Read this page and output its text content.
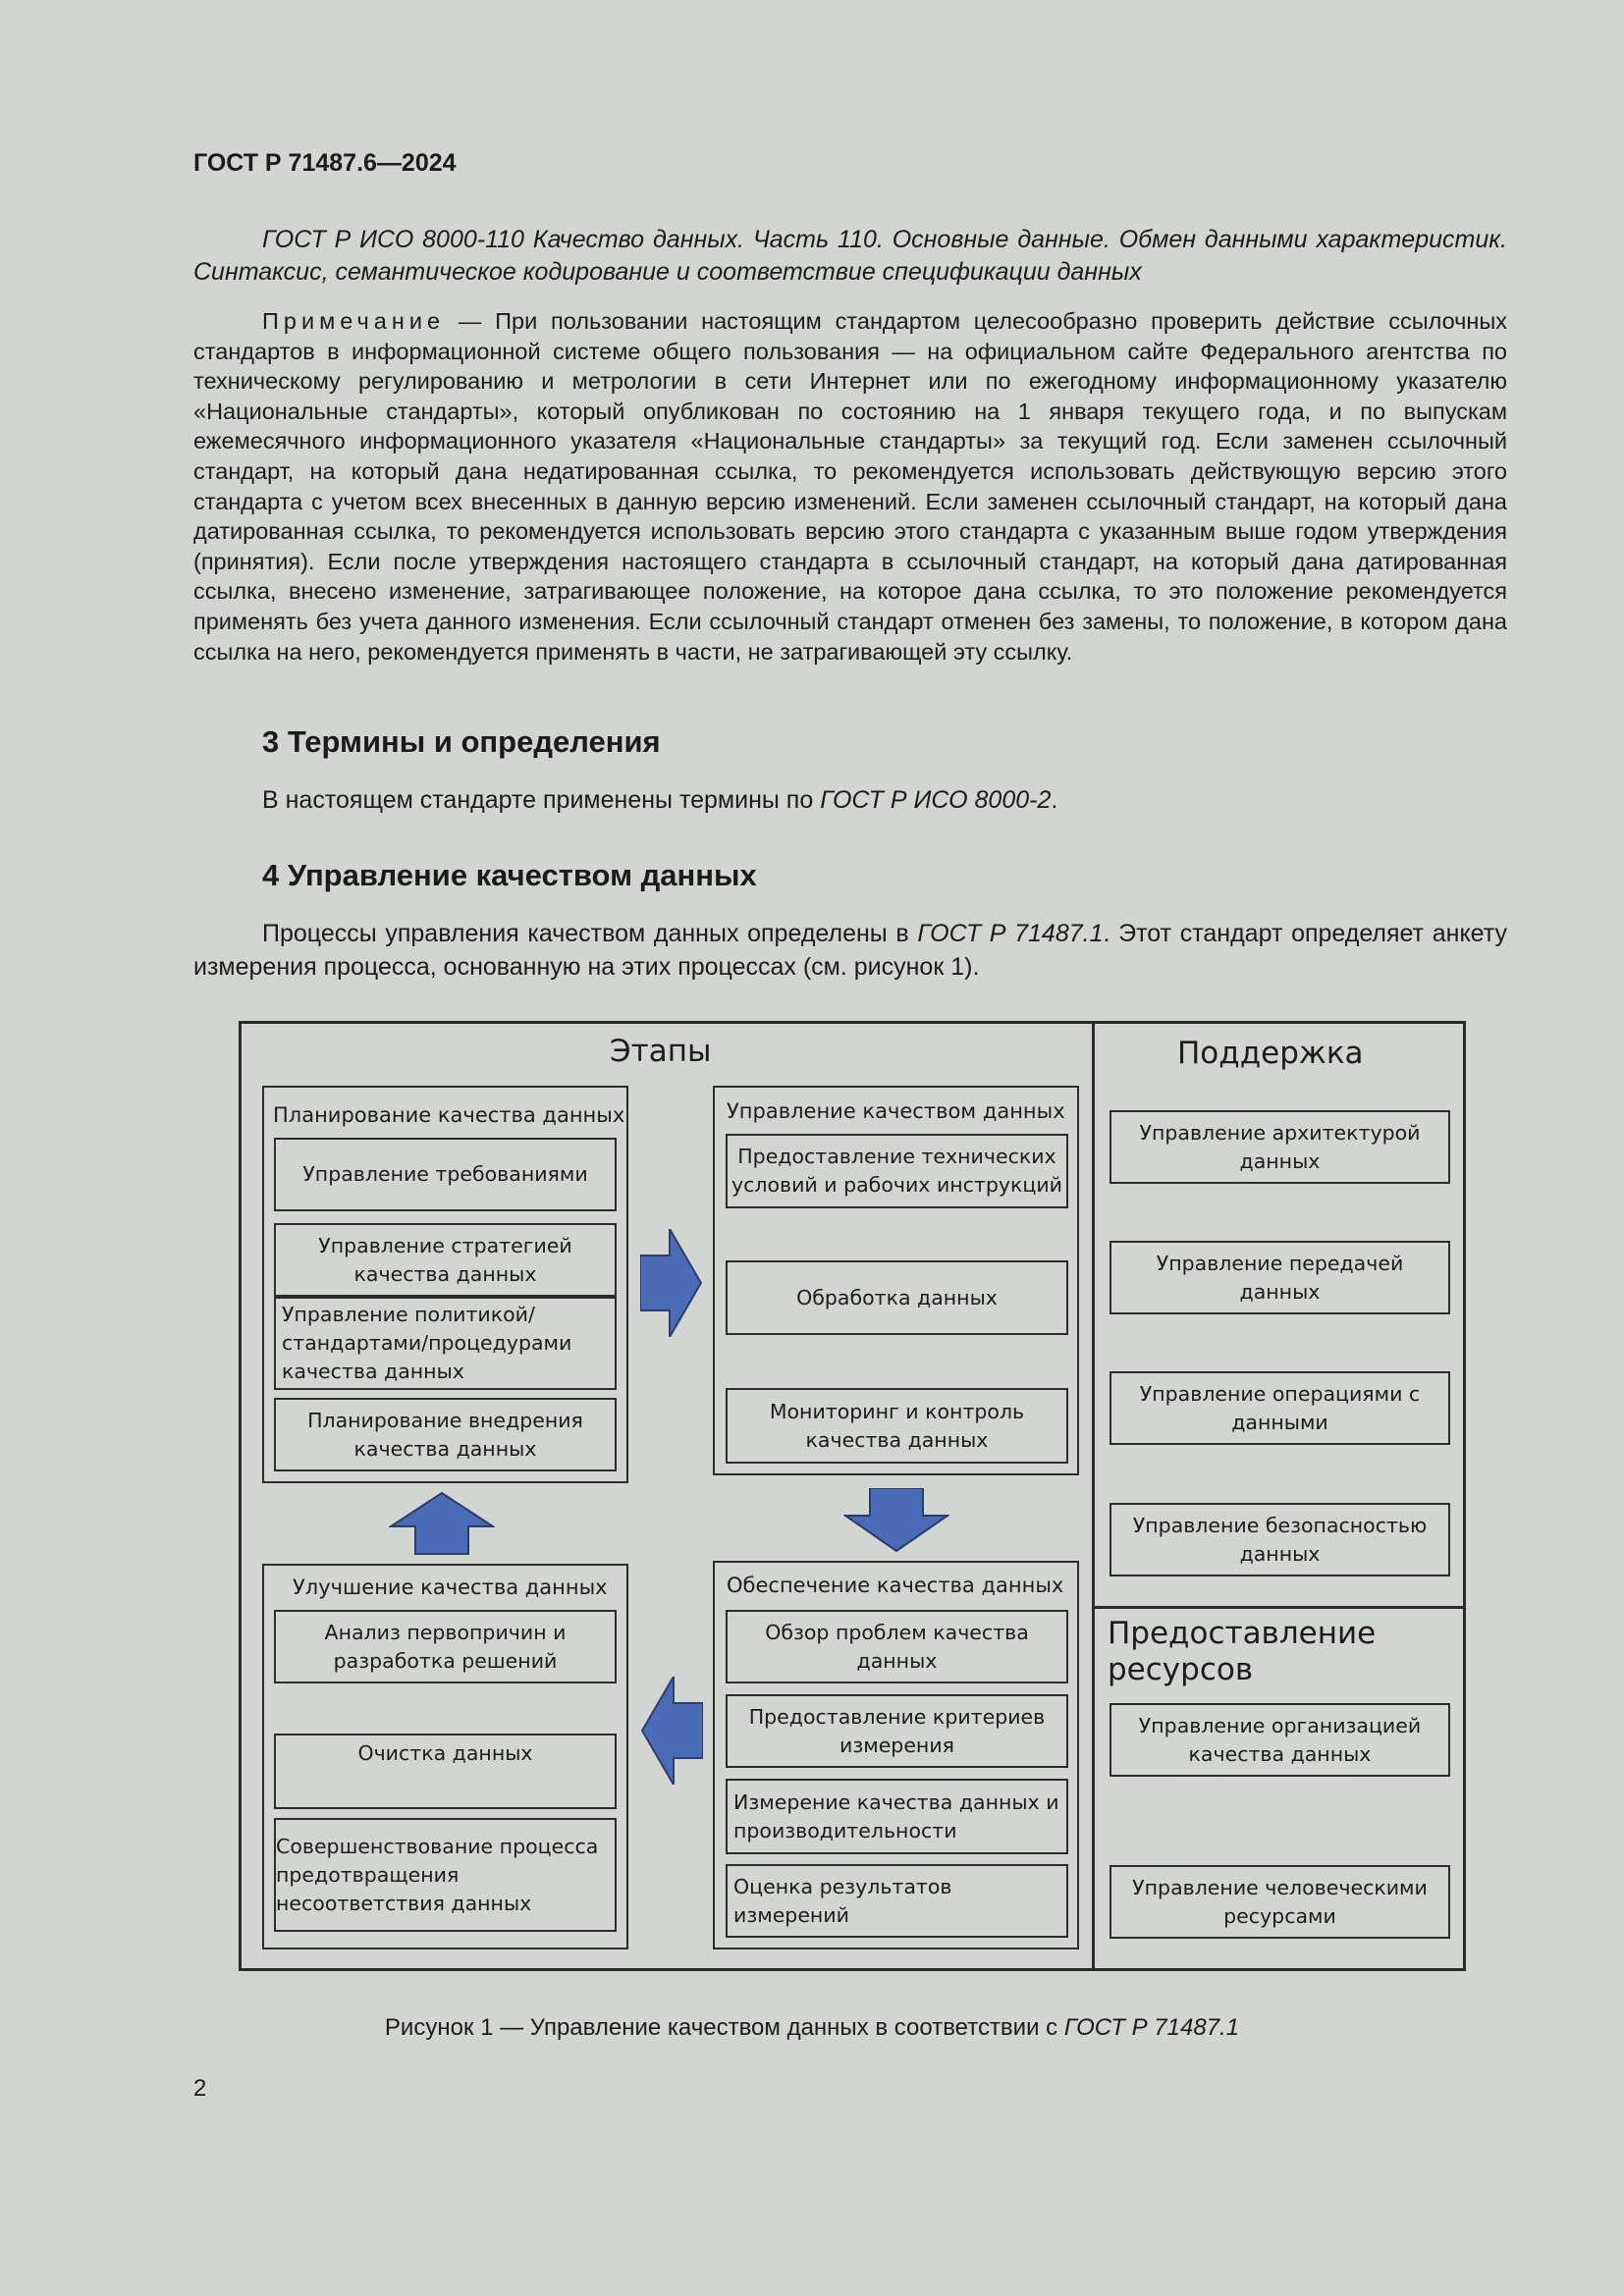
ГОСТ Р 71487.6—2024
ГОСТ Р ИСО 8000-110 Качество данных. Часть 110. Основные данные. Обмен данными характеристик. Синтаксис, семантическое кодирование и соответствие спецификации данных
Примечание — При пользовании настоящим стандартом целесообразно проверить действие ссылочных стандартов в информационной системе общего пользования — на официальном сайте Федерального агентства по техническому регулированию и метрологии в сети Интернет или по ежегодному информационному указателю «Национальные стандарты», который опубликован по состоянию на 1 января текущего года, и по выпускам ежемесячного информационного указателя «Национальные стандарты» за текущий год. Если заменен ссылочный стандарт, на который дана недатированная ссылка, то рекомендуется использовать действующую версию этого стандарта с учетом всех внесенных в данную версию изменений. Если заменен ссылочный стандарт, на который дана датированная ссылка, то рекомендуется использовать версию этого стандарта с указанным выше годом утверждения (принятия). Если после утверждения настоящего стандарта в ссылочный стандарт, на который дана датированная ссылка, внесено изменение, затрагивающее положение, на которое дана ссылка, то это положение рекомендуется применять без учета данного изменения. Если ссылочный стандарт отменен без замены, то положение, в котором дана ссылка на него, рекомендуется применять в части, не затрагивающей эту ссылку.
3 Термины и определения
В настоящем стандарте применены термины по ГОСТ Р ИСО 8000-2.
4 Управление качеством данных
Процессы управления качеством данных определены в ГОСТ Р 71487.1. Этот стандарт определяет анкету измерения процесса, основанную на этих процессах (см. рисунок 1).
Этапы	Поддержка
Предоставление
ресурсов
Планирование качества данных
Управление требованиями
Управление стратегией
качества данных
Управление политикой/
стандартами/процедурами
качества данных
Планирование внедрения
качества данных
Управление качеством данных
Предоставление технических
условий и рабочих инструкций
Обработка данных
Мониторинг и контроль
качества данных
Улучшение качества данных
Анализ первопричин и
разработка решений
Очистка данных
Совершенствование процесса
предотвращения
несоответствия данных
Обеспечение качества данных
Обзор проблем качества
данных
Предоставление критериев
измерения
Измерение качества данных и
производительности
Оценка результатов
измерений
Управление архитектурой
данных
Управление передачей
данных
Управление операциями с
данными
Управление безопасностью
данных
Управление организацией
качества данных
Управление человеческими
ресурсами
Рисунок 1 — Управление качеством данных в соответствии с ГОСТ Р 71487.1
2
